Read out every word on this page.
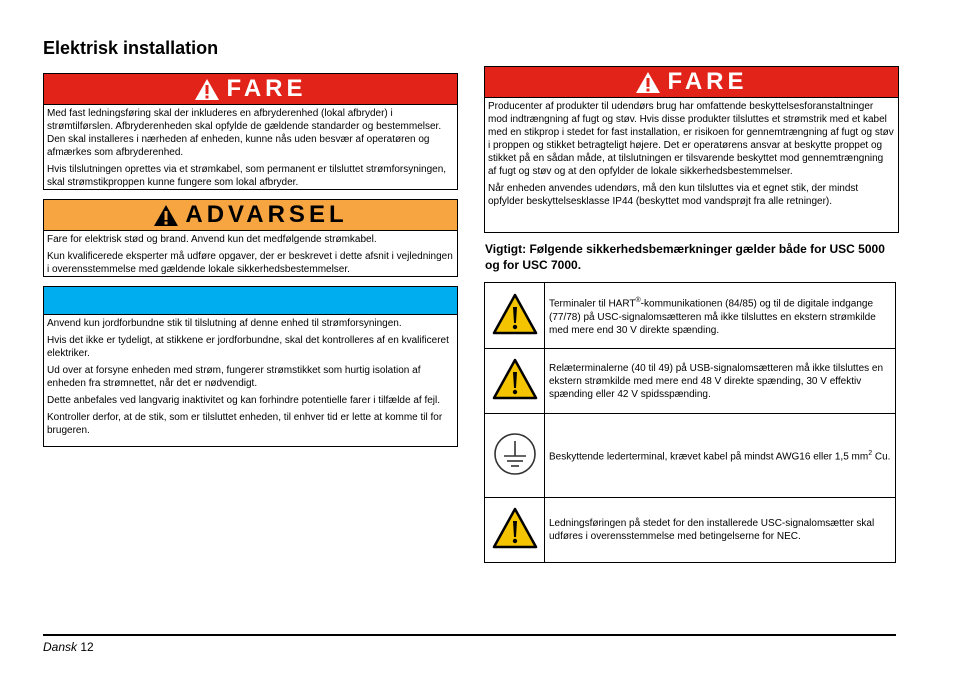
Elektrisk installation
FARE

Med fast ledningsføring skal der inkluderes en afbryderenhed (lokal afbryder) i strømtilførslen. Afbryderenheden skal opfylde de gældende standarder og bestemmelser. Den skal installeres i nærheden af enheden, kunne nås uden besvær af operatøren og afmærkes som afbryderenhed.

Hvis tilslutningen oprettes via et strømkabel, som permanent er tilsluttet strømforsyningen, skal strømstikproppen kunne fungere som lokal afbryder.

ADVARSEL

Fare for elektrisk stød og brand. Anvend kun det medfølgende strømkabel.

Kun kvalificerede eksperter må udføre opgaver, der er beskrevet i dette afsnit i vejledningen i overensstemmelse med gældende lokale sikkerhedsbestemmelser.

Anvend kun jordforbundne stik til tilslutning af denne enhed til strømforsyningen.

Hvis det ikke er tydeligt, at stikkene er jordforbundne, skal det kontrolleres af en kvalificeret elektriker.

Ud over at forsyne enheden med strøm, fungerer strømstikket som hurtig isolation af enheden fra strømnettet, når det er nødvendigt.

Dette anbefales ved langvarig inaktivitet og kan forhindre potentielle farer i tilfælde af fejl.

Kontroller derfor, at de stik, som er tilsluttet enheden, til enhver tid er lette at komme til for brugeren.

FARE

Producenter af produkter til udendørs brug har omfattende beskyttelsesforanstaltninger mod indtrængning af fugt og støv. Hvis disse produkter tilsluttes et strømstrik med et kabel med en stikprop i stedet for fast installation, er risikoen for gennemtrængning af fugt og støv i proppen og stikket betragteligt højere. Det er operatørens ansvar at beskytte proppet og stikket på en sådan måde, at tilslutningen er tilsvarende beskyttet mod gennemtrængning af fugt og støv og at den opfylder de lokale sikkerhedsbestemmelser.

Når enheden anvendes udendørs, må den kun tilsluttes via et egnet stik, der mindst opfylder beskyttelsesklasse IP44 (beskyttet mod vandsprøjt fra alle retninger).

Vigtigt: Følgende sikkerhedsbemærkninger gælder både for USC 5000 og for USC 7000.
	Terminaler til HART®-kommunikationen (84/85) og til de digitale indgange (77/78) på USC-signalomsætteren må ikke tilsluttes en ekstern strømkilde med mere end 30 V direkte spænding.
	Relæterminalerne (40 til 49) på USB-signalomsætteren må ikke tilsluttes en ekstern strømkilde med mere end 48 V direkte spænding, 30 V effektiv spænding eller 42 V spidsspænding.
	Beskyttende lederterminal, krævet kabel på mindst AWG16 eller 1,5 $mm^2$ Cu.
	Ledningsføringen på stedet for den installerede USC-signalomsætter skal udføres i overensstemmelse med betingelserne for NEC.
Dansk 12
